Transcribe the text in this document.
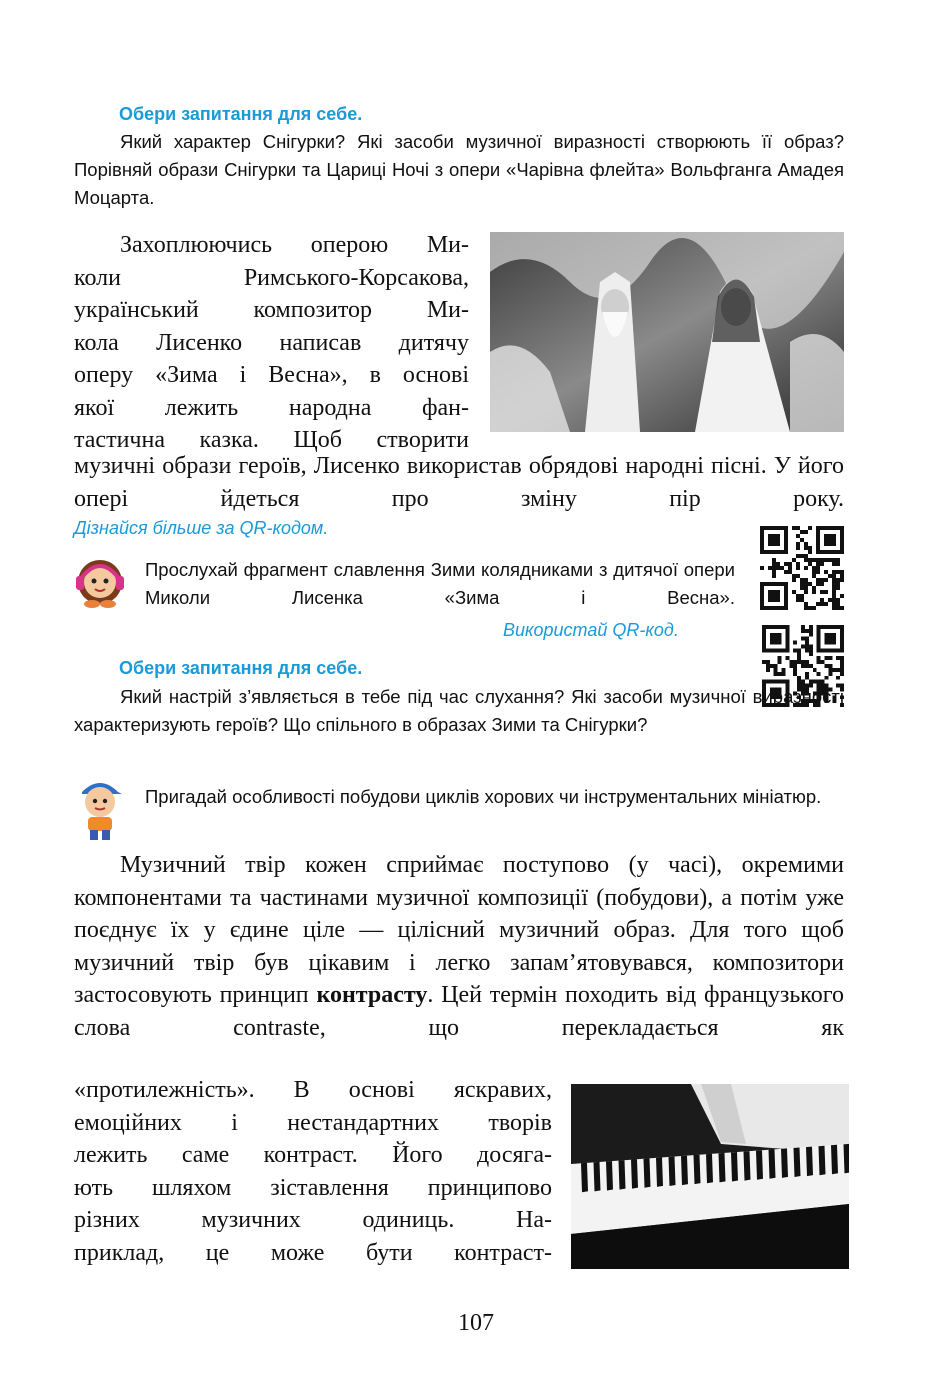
Обери запитання для себе.
Який характер Снігурки? Які засоби музичної виразності створюють її образ? Порівняй образи Снігурки та Цариці Ночі з опери «Чарівна флейта» Вольфганга Амадея Моцарта.
Захоплюючись оперою Ми-
коли Римського-Корсакова,
український композитор Ми-
кола Лисенко написав дитячу
оперу «Зима і Весна», в основі
якої лежить народна фан-
тастична казка. Щоб створити
музичні образи героїв, Лисенко використав обрядові народні пісні. У його опері йдеться про зміну пір року.
Дізнайся більше за QR-кодом.
Прослухай фрагмент славлення Зими колядниками з дитячої опери Миколи Лисенка «Зима і Весна».
Використай QR-код.
Обери запитання для себе.
Який настрій з’являється в тебе під час слухання? Які засоби музичної виразності характеризують героїв? Що спільного в образах Зими та Снігурки?
Пригадай особливості побудови циклів хорових чи інструментальних мініатюр.
Музичний твір кожен сприймає поступово (у часі), окремими компонентами та частинами музичної композиції (побудови), а потім уже поєднує їх у єдине ціле — цілісний музичний образ. Для того щоб музичний твір був цікавим і легко запам’ятовувався, композитори застосовують принцип контрасту. Цей термін походить від французького слова contraste, що перекладається як
«протилежність». В основі яскравих,
емоційних і нестандартних творів
лежить саме контраст. Його досяга-
ють шляхом зіставлення принципово
різних музичних одиниць. На-
приклад, це може бути контраст-
107
